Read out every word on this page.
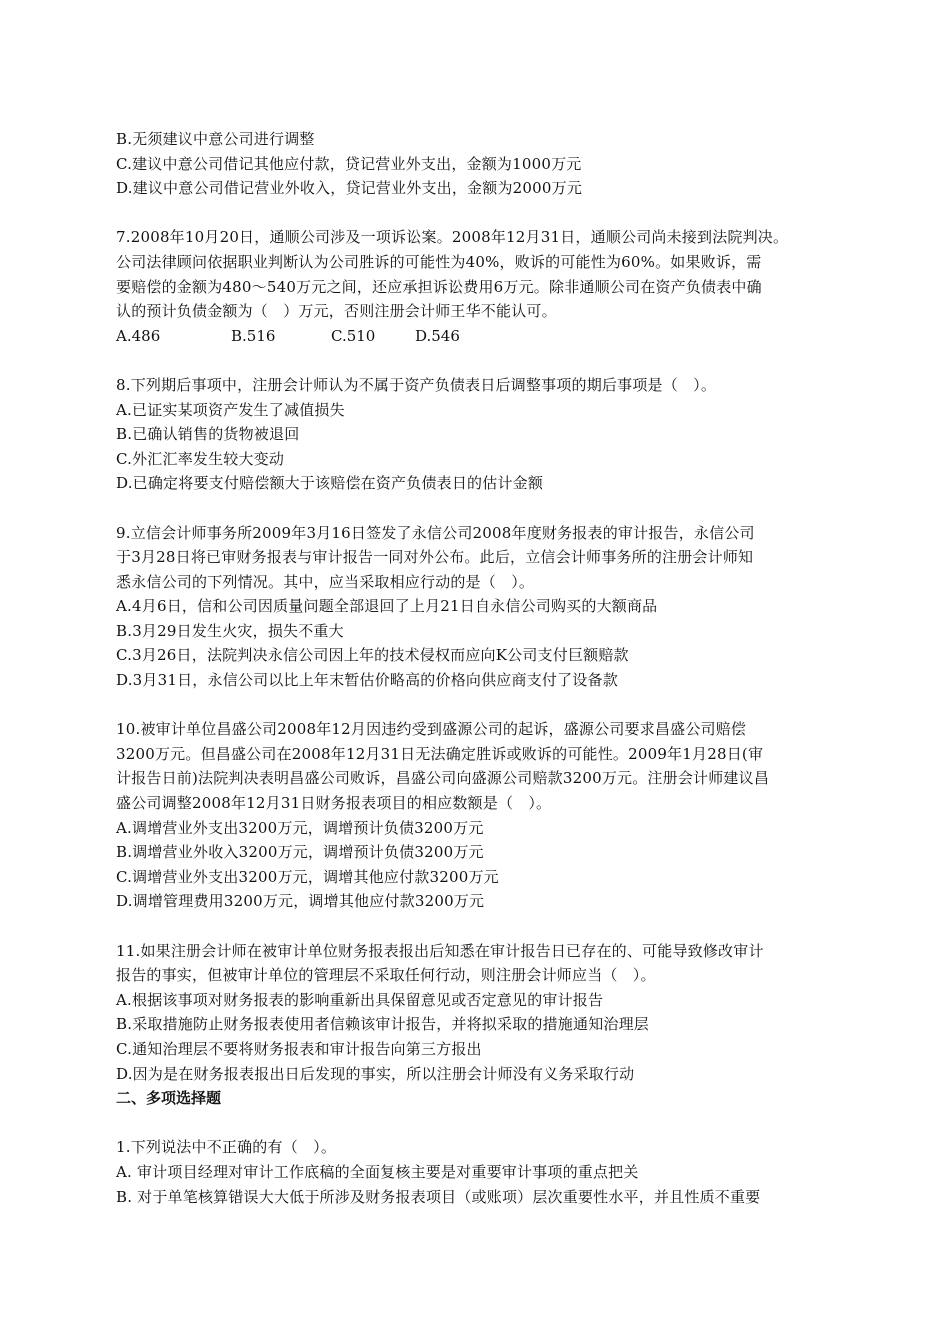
B.无须建议中意公司进行调整
C.建议中意公司借记其他应付款，贷记营业外支出，金额为1000万元
D.建议中意公司借记营业外收入，贷记营业外支出，金额为2000万元
7.2008年10月20日，通顺公司涉及一项诉讼案。2008年12月31日，通顺公司尚未接到法院判决。
公司法律顾问依据职业判断认为公司胜诉的可能性为40%，败诉的可能性为60%。如果败诉，需
要赔偿的金额为480～540万元之间，还应承担诉讼费用6万元。除非通顺公司在资产负债表中确
认的预计负债金额为（　）万元，否则注册会计师王华不能认可。
A.486	B.516	C.510	D.546
8.下列期后事项中，注册会计师认为不属于资产负债表日后调整事项的期后事项是（　）。
A.已证实某项资产发生了减值损失
B.已确认销售的货物被退回
C.外汇汇率发生较大变动
D.已确定将要支付赔偿额大于该赔偿在资产负债表日的估计金额
9.立信会计师事务所2009年3月16日签发了永信公司2008年度财务报表的审计报告，永信公司
于3月28日将已审财务报表与审计报告一同对外公布。此后，立信会计师事务所的注册会计师知
悉永信公司的下列情况。其中，应当采取相应行动的是（　）。
A.4月6日，信和公司因质量问题全部退回了上月21日自永信公司购买的大额商品
B.3月29日发生火灾，损失不重大
C.3月26日，法院判决永信公司因上年的技术侵权而应向K公司支付巨额赔款
D.3月31日，永信公司以比上年末暂估价略高的价格向供应商支付了设备款
10.被审计单位昌盛公司2008年12月因违约受到盛源公司的起诉，盛源公司要求昌盛公司赔偿
3200万元。但昌盛公司在2008年12月31日无法确定胜诉或败诉的可能性。2009年1月28日(审
计报告日前)法院判决表明昌盛公司败诉，昌盛公司向盛源公司赔款3200万元。注册会计师建议昌
盛公司调整2008年12月31日财务报表项目的相应数额是（　）。
A.调增营业外支出3200万元，调增预计负债3200万元
B.调增营业外收入3200万元，调增预计负债3200万元
C.调增营业外支出3200万元，调增其他应付款3200万元
D.调增管理费用3200万元，调增其他应付款3200万元
11.如果注册会计师在被审计单位财务报表报出后知悉在审计报告日已存在的、可能导致修改审计
报告的事实，但被审计单位的管理层不采取任何行动，则注册会计师应当（　）。
A.根据该事项对财务报表的影响重新出具保留意见或否定意见的审计报告
B.采取措施防止财务报表使用者信赖该审计报告，并将拟采取的措施通知治理层
C.通知治理层不要将财务报表和审计报告向第三方报出
D.因为是在财务报表报出日后发现的事实，所以注册会计师没有义务采取行动
二、多项选择题
1.下列说法中不正确的有（　）。
A. 审计项目经理对审计工作底稿的全面复核主要是对重要审计事项的重点把关
B. 对于单笔核算错误大大低于所涉及财务报表项目（或账项）层次重要性水平，并且性质不重要
